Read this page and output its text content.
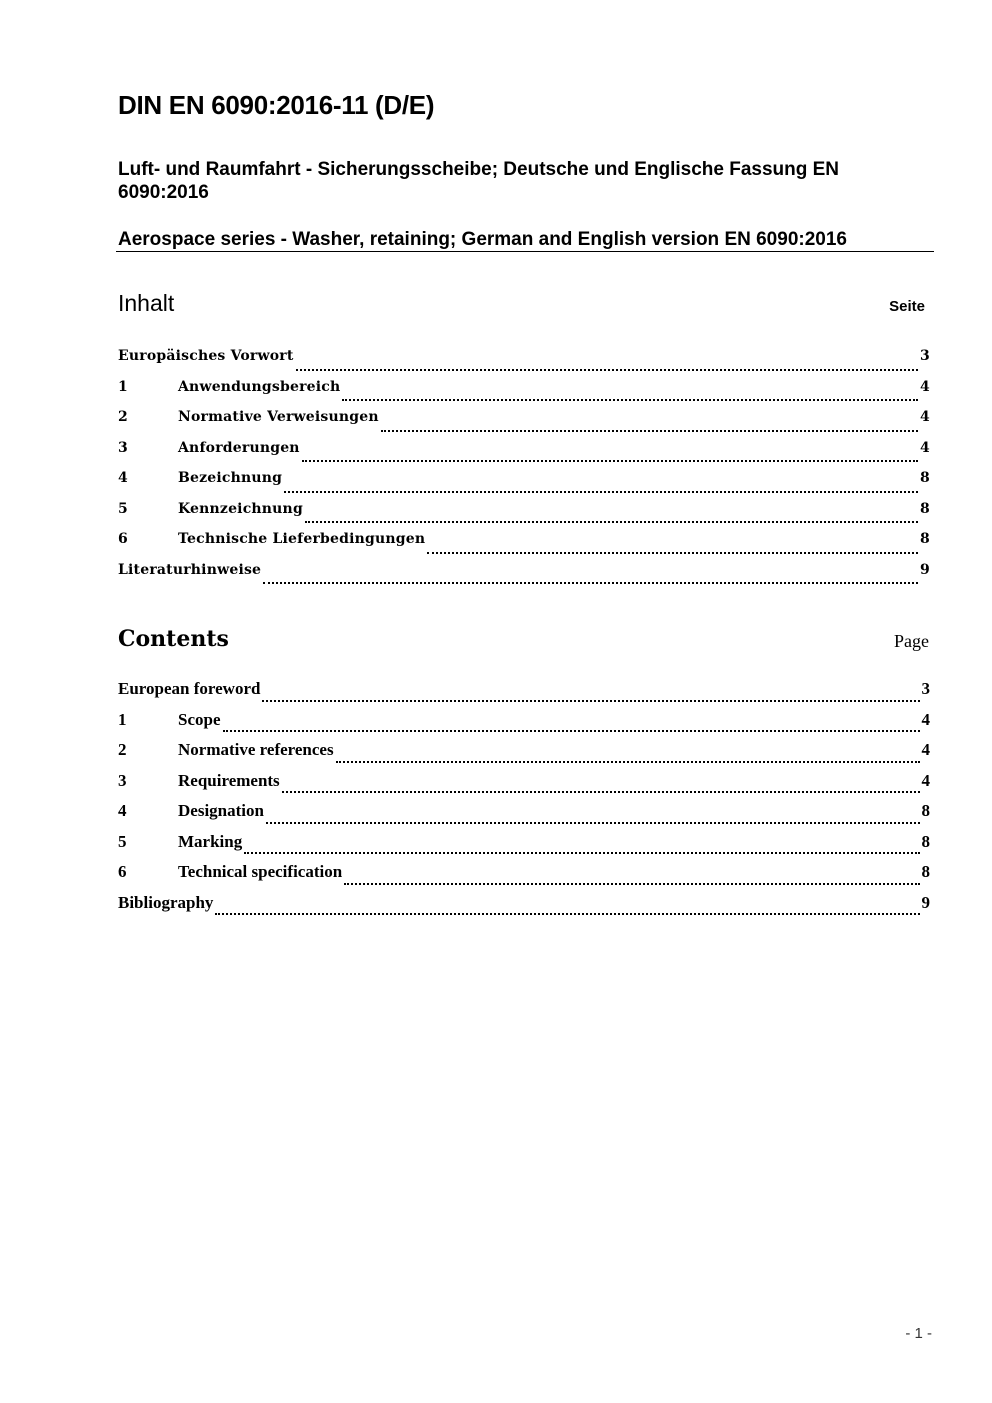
DIN EN 6090:2016-11 (D/E)
Luft- und Raumfahrt - Sicherungsscheibe; Deutsche und Englische Fassung EN 6090:2016
Aerospace series - Washer, retaining; German and English version EN 6090:2016
Inhalt	Seite
Europäisches Vorwort	3
1	Anwendungsbereich	4
2	Normative Verweisungen	4
3	Anforderungen	4
4	Bezeichnung	8
5	Kennzeichnung	8
6	Technische Lieferbedingungen	8
Literaturhinweise	9
Contents	Page
European foreword	3
1	Scope	4
2	Normative references	4
3	Requirements	4
4	Designation	8
5	Marking	8
6	Technical specification	8
Bibliography	9
- 1 -
